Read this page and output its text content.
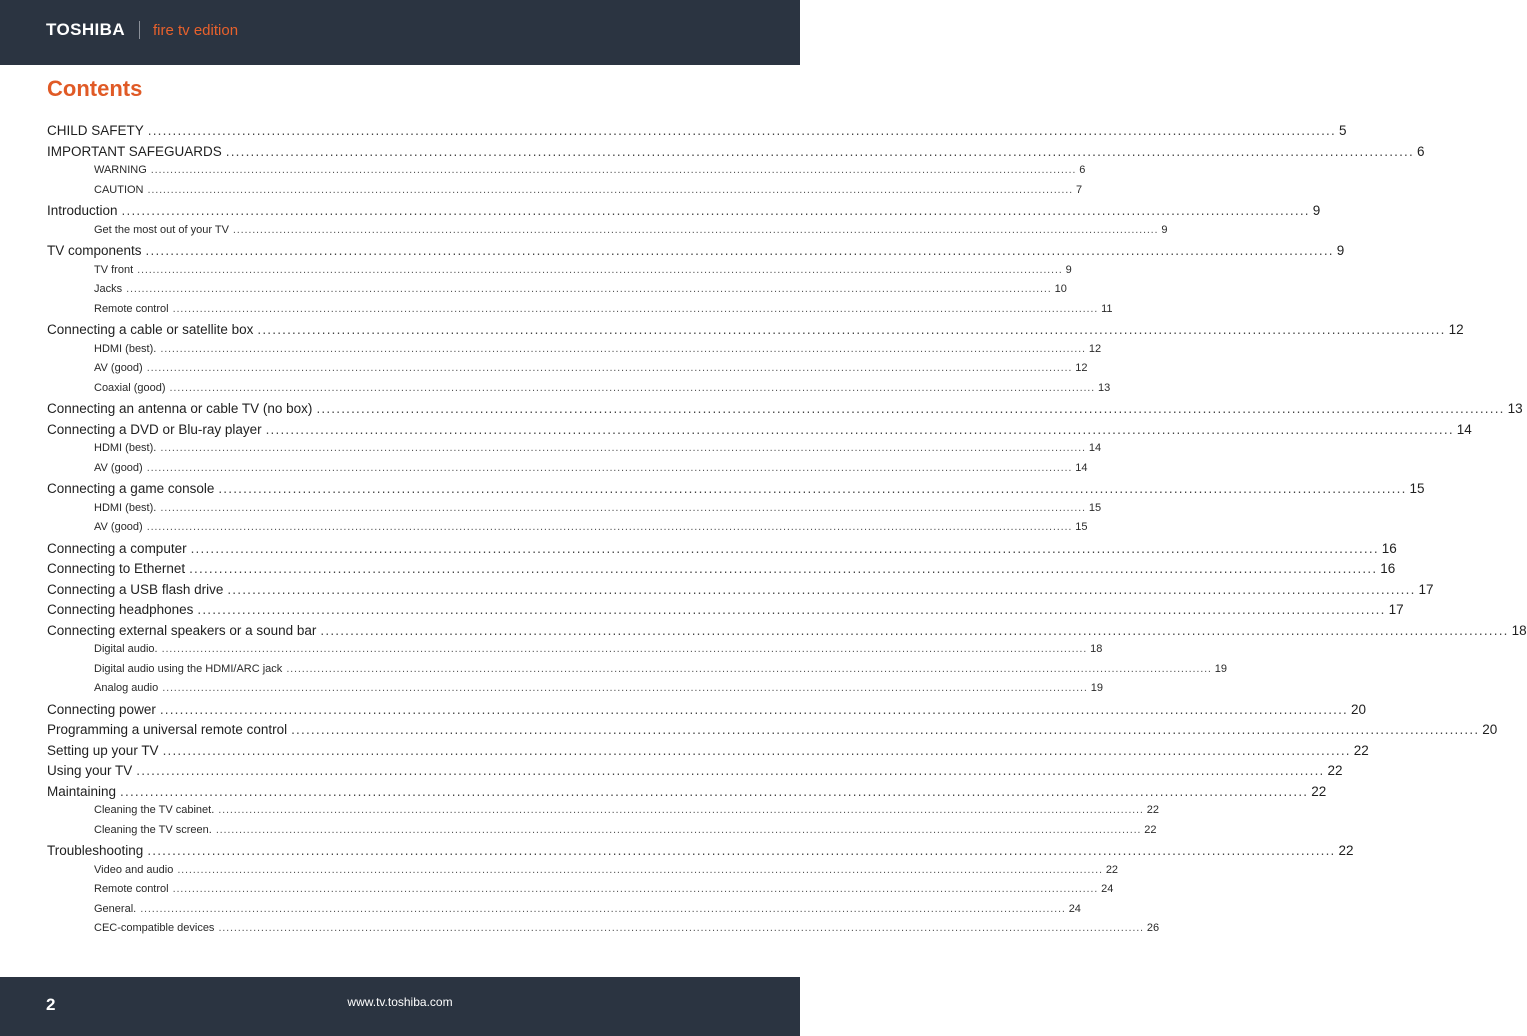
TOSHIBA fire tv edition
Contents
CHILD SAFETY ................................................................................................................................................................................................................................................ 5
IMPORTANT SAFEGUARDS ................................................................................................................................................................................................................................................ 6
WARNING ................................................................................................................................................................................................................................................ 6
CAUTION ................................................................................................................................................................................................................................................ 7
Introduction ................................................................................................................................................................................................................................................ 9
Get the most out of your TV ................................................................................................................................................................................................................................................ 9
TV components ................................................................................................................................................................................................................................................ 9
TV front ................................................................................................................................................................................................................................................ 9
Jacks ................................................................................................................................................................................................................................................ 10
Remote control ................................................................................................................................................................................................................................................ 11
Connecting a cable or satellite box ................................................................................................................................................................................................................................................ 12
HDMI (best). ................................................................................................................................................................................................................................................ 12
AV (good) ................................................................................................................................................................................................................................................ 12
Coaxial (good) ................................................................................................................................................................................................................................................ 13
Connecting an antenna or cable TV (no box) ................................................................................................................................................................................................................................................ 13
Connecting a DVD or Blu-ray player ................................................................................................................................................................................................................................................ 14
HDMI (best). ................................................................................................................................................................................................................................................ 14
AV (good) ................................................................................................................................................................................................................................................ 14
Connecting a game console ................................................................................................................................................................................................................................................ 15
HDMI (best). ................................................................................................................................................................................................................................................ 15
AV (good) ................................................................................................................................................................................................................................................ 15
Connecting a computer ................................................................................................................................................................................................................................................ 16
Connecting to Ethernet ................................................................................................................................................................................................................................................ 16
Connecting a USB flash drive ................................................................................................................................................................................................................................................ 17
Connecting headphones ................................................................................................................................................................................................................................................ 17
Connecting external speakers or a sound bar ................................................................................................................................................................................................................................................ 18
Digital audio. ................................................................................................................................................................................................................................................ 18
Digital audio using the HDMI/ARC jack ................................................................................................................................................................................................................................................ 19
Analog audio ................................................................................................................................................................................................................................................ 19
Connecting power ................................................................................................................................................................................................................................................ 20
Programming a universal remote control ................................................................................................................................................................................................................................................ 20
Setting up your TV ................................................................................................................................................................................................................................................ 22
Using your TV ................................................................................................................................................................................................................................................ 22
Maintaining ................................................................................................................................................................................................................................................ 22
Cleaning the TV cabinet. ................................................................................................................................................................................................................................................ 22
Cleaning the TV screen. ................................................................................................................................................................................................................................................ 22
Troubleshooting ................................................................................................................................................................................................................................................ 22
Video and audio ................................................................................................................................................................................................................................................ 22
Remote control ................................................................................................................................................................................................................................................ 24
General. ................................................................................................................................................................................................................................................ 24
CEC-compatible devices ................................................................................................................................................................................................................................................ 26
2	www.tv.toshiba.com
